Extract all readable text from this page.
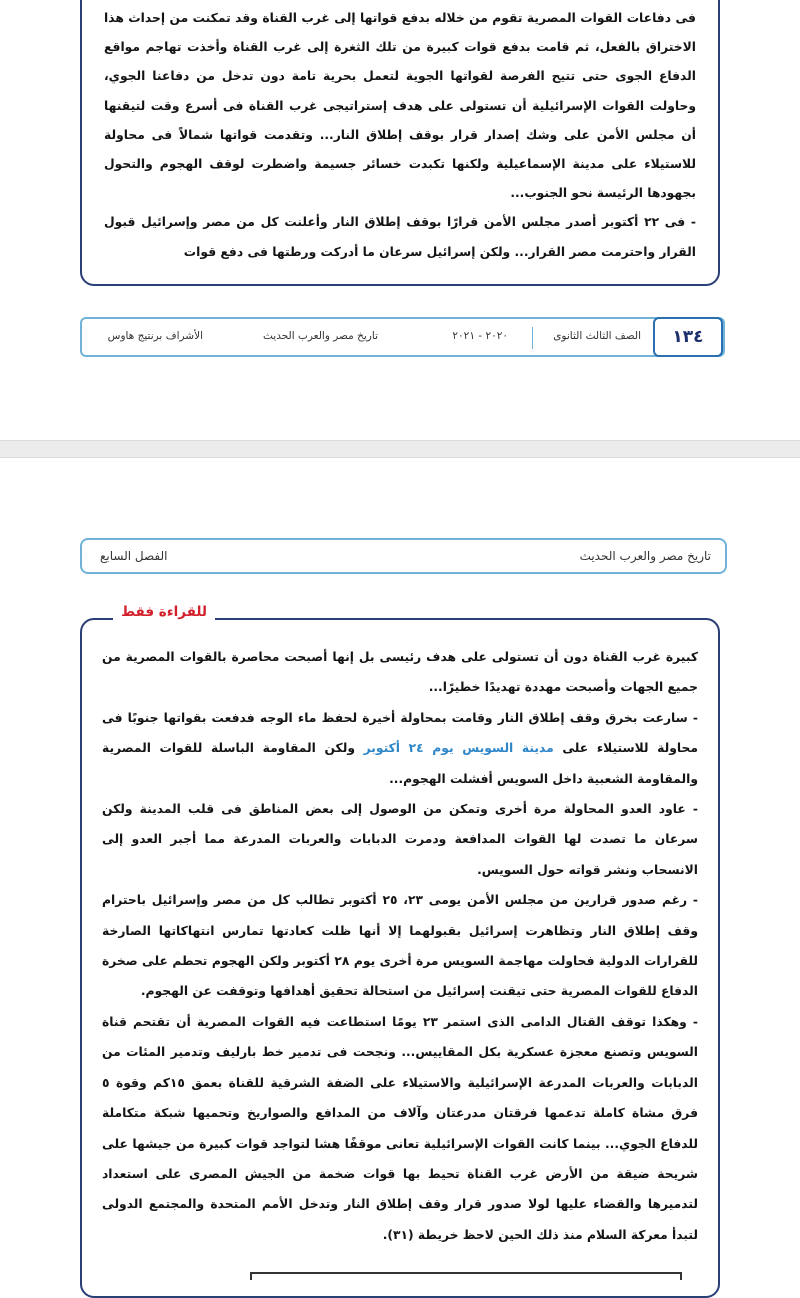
فى دفاعات القوات المصرية تقوم من خلاله بدفع قواتها إلى غرب القناة وقد تمكنت من إحداث هذا الاختراق بالفعل، ثم قامت بدفع قوات كبيرة من تلك الثغرة إلى غرب القناة وأخذت تهاجم مواقع الدفاع الجوى حتى تتيح الفرصة لقواتها الجوية لتعمل بحرية تامة دون تدخل من دفاعنا الجوي، وحاولت القوات الإسرائيلية أن تستولى على هدف إستراتيجى غرب القناة فى أسرع وقت لتيقنها أن مجلس الأمن على وشك إصدار قرار بوقف إطلاق النار... وتقدمت قواتها شمالاً فى محاولة للاستيلاء على مدينة الإسماعيلية ولكنها تكبدت خسائر جسيمة واضطرت لوقف الهجوم والتحول بجهودها الرئيسة نحو الجنوب...

- فى ٢٢ أكتوبر أصدر مجلس الأمن قرارًا بوقف إطلاق النار وأعلنت كل من مصر وإسرائيل قبول القرار واحترمت مصر القرار... ولكن إسرائيل سرعان ما أدركت ورطتها فى دفع قوات

١٣٤
الصف الثالث الثانوى
٢٠٢٠ - ٢٠٢١
تاريخ مصر والعرب الحديث
الأشراف برنتيج هاوس
تاريخ مصر والعرب الحديث
الفصل السابع
للقراءة فقط

كبيرة غرب القناة دون أن تستولى على هدف رئيسى بل إنها أصبحت محاصرة بالقوات المصرية من جميع الجهات وأصبحت مهددة تهديدًا خطيرًا...

- سارعت بخرق وقف إطلاق النار وقامت بمحاولة أخيرة لحفظ ماء الوجه فدفعت بقواتها جنوبًا فى محاولة للاستيلاء على مدينة السويس يوم ٢٤ أكتوبر ولكن المقاومة الباسلة للقوات المصرية والمقاومة الشعبية داخل السويس أفشلت الهجوم...

- عاود العدو المحاولة مرة أخرى وتمكن من الوصول إلى بعض المناطق فى قلب المدينة ولكن سرعان ما تصدت لها القوات المدافعة ودمرت الدبابات والعربات المدرعة مما أجبر العدو إلى الانسحاب ونشر قواته حول السويس.

- رغم صدور قرارين من مجلس الأمن يومى ٢٣، ٢٥ أكتوبر تطالب كل من مصر وإسرائيل باحترام وقف إطلاق النار وتظاهرت إسرائيل بقبولهما إلا أنها ظلت كعادتها تمارس انتهاكاتها الصارخة للقرارات الدولية فحاولت مهاجمة السويس مرة أخرى يوم ٢٨ أكتوبر ولكن الهجوم تحطم على صخرة الدفاع للقوات المصرية حتى تيقنت إسرائيل من استحالة تحقيق أهدافها وتوقفت عن الهجوم.

- وهكذا توقف القتال الدامى الذى استمر ٢٣ يومًا استطاعت فيه القوات المصرية أن تقتحم قناة السويس وتصنع معجزة عسكرية بكل المقاييس... ونجحت فى تدمير خط بارليف وتدمير المئات من الدبابات والعربات المدرعة الإسرائيلية والاستيلاء على الضفة الشرقية للقناة بعمق ١٥كم وقوة ٥ فرق مشاة كاملة تدعمها فرقتان مدرعتان وآلاف من المدافع والصواريخ وتحميها شبكة متكاملة للدفاع الجوي... بينما كانت القوات الإسرائيلية تعانى موقفًا هشا لتواجد قوات كبيرة من جيشها على شريحة ضيقة من الأرض غرب القناة تحيط بها قوات ضخمة من الجيش المصرى على استعداد لتدميرها والقضاء عليها لولا صدور قرار وقف إطلاق النار وتدخل الأمم المتحدة والمجتمع الدولى لتبدأ معركة السلام منذ ذلك الحين لاحظ خريطة (٣١).
